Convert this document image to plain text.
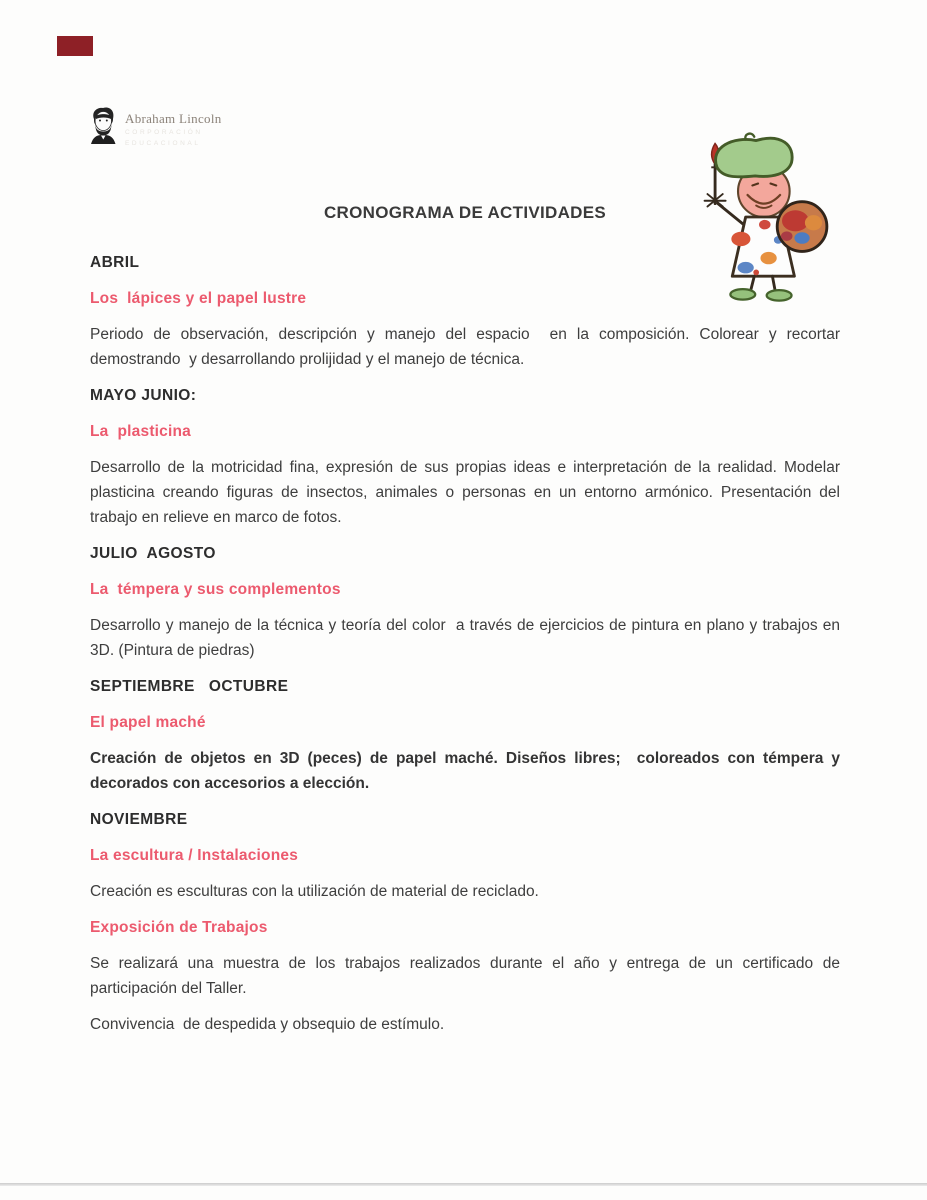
Abraham Lincoln
CORPORACIÓN
EDUCACIONAL
CRONOGRAMA DE ACTIVIDADES
ABRIL
Los  lápices y el papel lustre
Periodo de observación, descripción y manejo del espacio  en la composición. Colorear y recortar demostrando  y desarrollando prolijidad y el manejo de técnica.
MAYO JUNIO:
La  plasticina
Desarrollo de la motricidad fina, expresión de sus propias ideas e interpretación de la realidad. Modelar plasticina creando figuras de insectos, animales o personas en un entorno armónico. Presentación del trabajo en relieve en marco de fotos.
JULIO  AGOSTO
La  témpera y sus complementos
Desarrollo y manejo de la técnica y teoría del color  a través de ejercicios de pintura en plano y trabajos en 3D. (Pintura de piedras)
SEPTIEMBRE   OCTUBRE
El papel maché
Creación de objetos en 3D (peces) de papel maché. Diseños libres;  coloreados con témpera y decorados con accesorios a elección.
NOVIEMBRE
La escultura / Instalaciones
Creación es esculturas con la utilización de material de reciclado.
Exposición de Trabajos
Se realizará una muestra de los trabajos realizados durante el año y entrega de un certificado de participación del Taller.
Convivencia  de despedida y obsequio de estímulo.
